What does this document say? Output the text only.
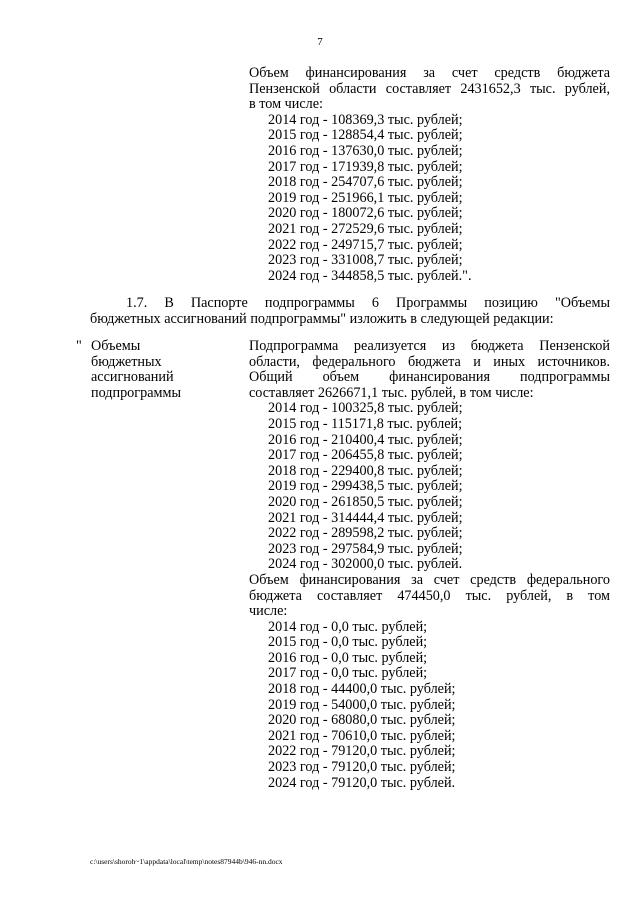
7
Объем финансирования за счет средств бюджета
Пензенской области составляет 2431652,3 тыс. рублей,
в том числе:
2014 год - 108369,3 тыс. рублей;
2015 год - 128854,4 тыс. рублей;
2016 год - 137630,0 тыс. рублей;
2017 год - 171939,8 тыс. рублей;
2018 год - 254707,6 тыс. рублей;
2019 год - 251966,1 тыс. рублей;
2020 год - 180072,6 тыс. рублей;
2021 год - 272529,6 тыс. рублей;
2022 год - 249715,7 тыс. рублей;
2023 год - 331008,7 тыс. рублей;
2024 год - 344858,5 тыс. рублей.".
1.7. В Паспорте подпрограммы 6 Программы позицию "Объемы
бюджетных ассигнований подпрограммы" изложить в следующей редакции:
" Объемы
бюджетных
ассигнований
подпрограммы
Подпрограмма реализуется из бюджета Пензенской
области, федерального бюджета и иных источников.
Общий объем финансирования подпрограммы
составляет 2626671,1 тыс. рублей, в том числе:
2014 год - 100325,8 тыс. рублей;
2015 год - 115171,8 тыс. рублей;
2016 год - 210400,4 тыс. рублей;
2017 год - 206455,8 тыс. рублей;
2018 год - 229400,8 тыс. рублей;
2019 год - 299438,5 тыс. рублей;
2020 год - 261850,5 тыс. рублей;
2021 год - 314444,4 тыс. рублей;
2022 год - 289598,2 тыс. рублей;
2023 год - 297584,9 тыс. рублей;
2024 год - 302000,0 тыс. рублей.
Объем финансирования за счет средств федерального
бюджета составляет 474450,0 тыс. рублей, в том
числе:
2014 год - 0,0 тыс. рублей;
2015 год - 0,0 тыс. рублей;
2016 год - 0,0 тыс. рублей;
2017 год - 0,0 тыс. рублей;
2018 год - 44400,0 тыс. рублей;
2019 год - 54000,0 тыс. рублей;
2020 год - 68080,0 тыс. рублей;
2021 год - 70610,0 тыс. рублей;
2022 год - 79120,0 тыс. рублей;
2023 год - 79120,0 тыс. рублей;
2024 год - 79120,0 тыс. рублей.
c:\users\shoroh~1\appdata\local\temp\notes87944b\946-nn.docx
